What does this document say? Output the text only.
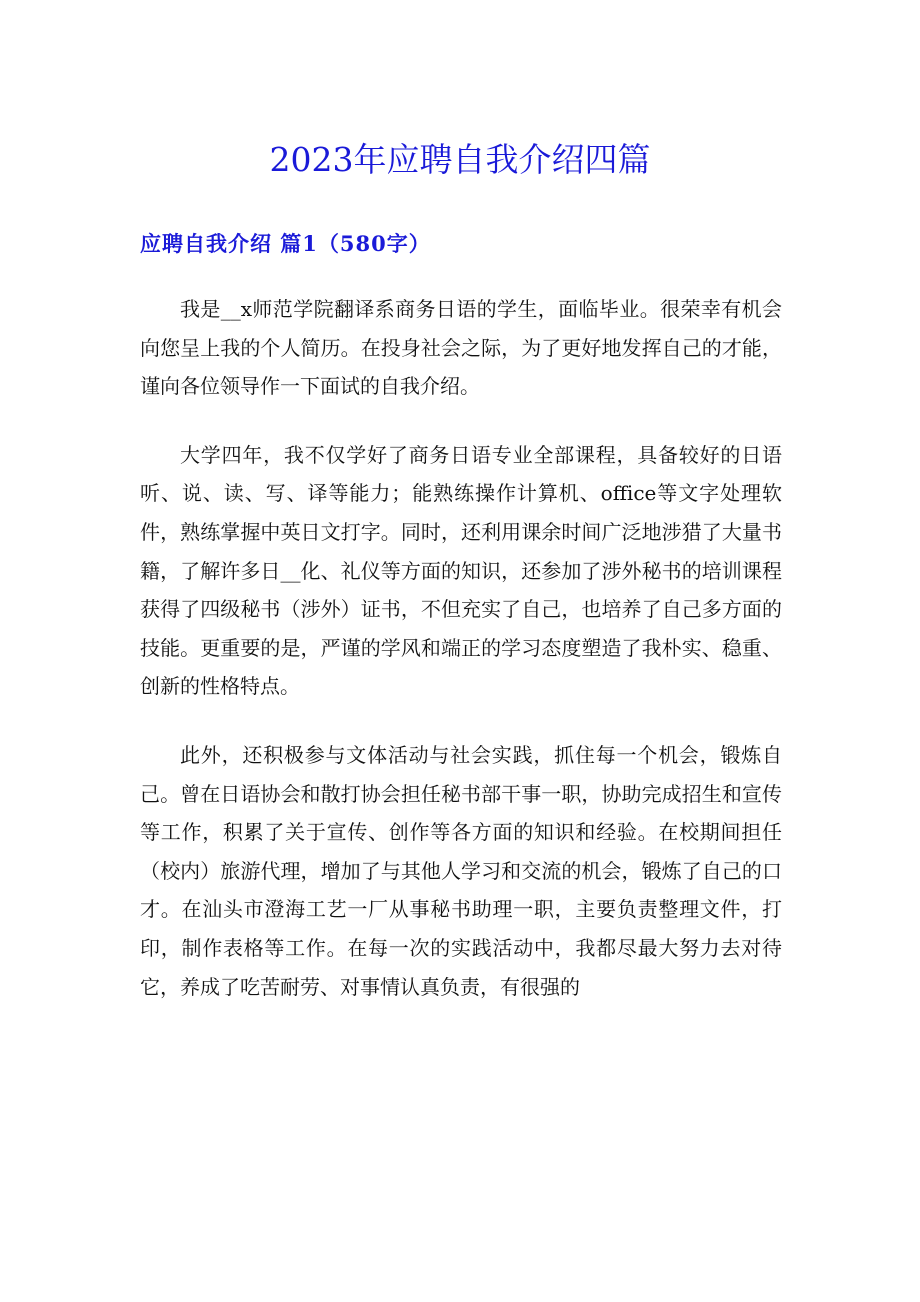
2023年应聘自我介绍四篇
应聘自我介绍 篇1（580字）

我是__x师范学院翻译系商务日语的学生，面临毕业。很荣幸有机会向您呈上我的个人简历。在投身社会之际，为了更好地发挥自己的才能，谨向各位领导作一下面试的自我介绍。

大学四年，我不仅学好了商务日语专业全部课程，具备较好的日语听、说、读、写、译等能力；能熟练操作计算机、office等文字处理软件，熟练掌握中英日文打字。同时，还利用课余时间广泛地涉猎了大量书籍，了解许多日__化、礼仪等方面的知识，还参加了涉外秘书的培训课程获得了四级秘书（涉外）证书，不但充实了自己，也培养了自己多方面的技能。更重要的是，严谨的学风和端正的学习态度塑造了我朴实、稳重、创新的性格特点。

此外，还积极参与文体活动与社会实践，抓住每一个机会，锻炼自己。曾在日语协会和散打协会担任秘书部干事一职，协助完成招生和宣传等工作，积累了关于宣传、创作等各方面的知识和经验。在校期间担任（校内）旅游代理，增加了与其他人学习和交流的机会，锻炼了自己的口才。在汕头市澄海工艺一厂从事秘书助理一职，主要负责整理文件，打印，制作表格等工作。在每一次的实践活动中，我都尽最大努力去对待它，养成了吃苦耐劳、对事情认真负责，有很强的
